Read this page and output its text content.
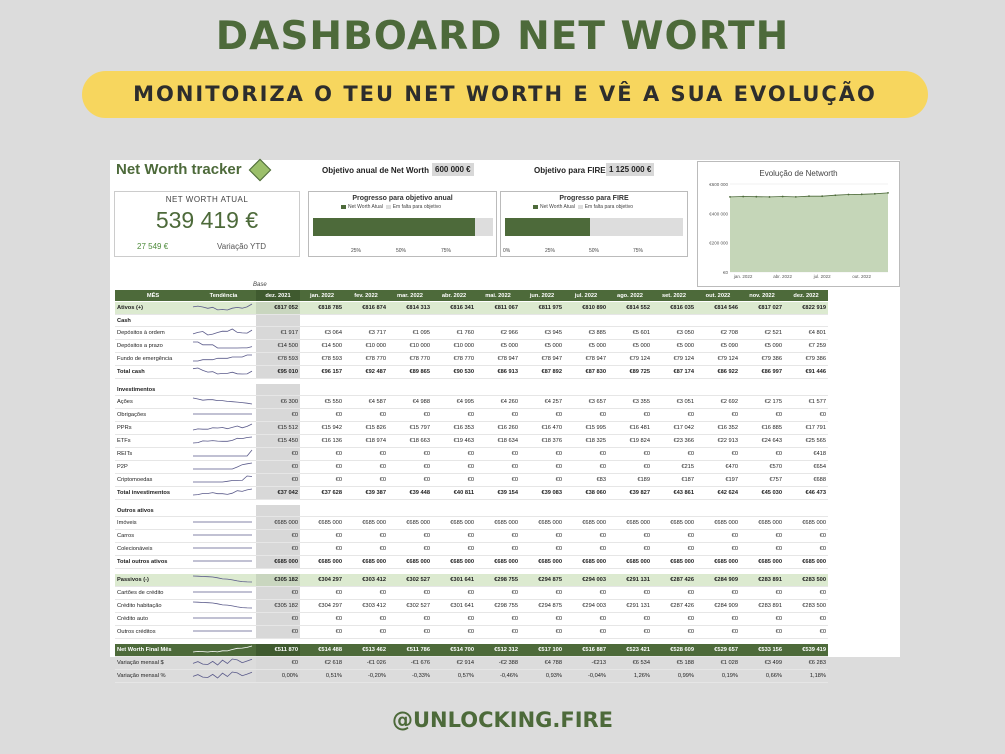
DASHBOARD NET WORTH
MONITORIZA O TEU NET WORTH E VÊ A SUA EVOLUÇÃO
Net Worth tracker	Objetivo anual de Net Worth 600 000 €	Objetivo para FIRE 1 125 000 €
NET WORTH ATUAL
539 419 €
27 549 €	Variação YTD
Progresso para objetivo anual
Net Worth Atual Em falta para objetivo
25%	50%	75%
Progresso para FIRE
Net Worth Atual Em falta para objetivo
0%	25%	50%	75%
Evolução de Networth
€0
€200 000
€400 000
€600 000
jan. 2022	abr. 2022	jul. 2022	out. 2022
Base
MÊS	Tendência	dez. 2021	jan. 2022	fev. 2022	mar. 2022	abr. 2022	mai. 2022	jun. 2022	jul. 2022	ago. 2022	set. 2022	out. 2022	nov. 2022	dez. 2022
Ativos (+)		€817 052	€818 785	€816 874	€814 313	€816 341	€811 067	€811 975	€810 890	€814 552	€816 035	€814 546	€817 027	€822 919
Cash														
Depósitos à ordem		€1 917	€3 064	€3 717	€1 095	€1 760	€2 966	€3 945	€3 885	€5 601	€3 050	€2 708	€2 521	€4 801
Depósitos a prazo		€14 500	€14 500	€10 000	€10 000	€10 000	€5 000	€5 000	€5 000	€5 000	€5 000	€5 090	€5 090	€7 259
Fundo de emergência		€78 593	€78 593	€78 770	€78 770	€78 770	€78 947	€78 947	€78 947	€79 124	€79 124	€79 124	€79 386	€79 386
Total cash		€95 010	€96 157	€92 487	€89 865	€90 530	€86 913	€87 892	€87 830	€89 725	€87 174	€86 922	€86 997	€91 446

Investimentos														
Ações		€6 300	€5 550	€4 587	€4 988	€4 995	€4 260	€4 257	€3 657	€3 355	€3 051	€2 692	€2 175	€1 577
Obrigações		€0	€0	€0	€0	€0	€0	€0	€0	€0	€0	€0	€0	€0
PPRs		€15 512	€15 942	€15 826	€15 797	€16 353	€16 260	€16 470	€15 995	€16 481	€17 042	€16 352	€16 885	€17 791
ETFs		€15 450	€16 136	€18 974	€18 663	€19 463	€18 634	€18 376	€18 325	€19 824	€23 366	€22 913	€24 643	€25 565
REITs		€0	€0	€0	€0	€0	€0	€0	€0	€0	€0	€0	€0	€418
P2P		€0	€0	€0	€0	€0	€0	€0	€0	€0	€215	€470	€570	€654
Criptomoedas		€0	€0	€0	€0	€0	€0	€0	€83	€189	€187	€197	€757	€688
Total investimentos		€37 042	€37 628	€39 387	€39 448	€40 811	€39 154	€39 083	€38 060	€39 827	€43 861	€42 624	€45 030	€46 473

Outros ativos														
Imóveis		€685 000	€685 000	€685 000	€685 000	€685 000	€685 000	€685 000	€685 000	€685 000	€685 000	€685 000	€685 000	€685 000
Carros		€0	€0	€0	€0	€0	€0	€0	€0	€0	€0	€0	€0	€0
Colecionáveis		€0	€0	€0	€0	€0	€0	€0	€0	€0	€0	€0	€0	€0
Total outros ativos		€685 000	€685 000	€685 000	€685 000	€685 000	€685 000	€685 000	€685 000	€685 000	€685 000	€685 000	€685 000	€685 000

Passivos (-)		€305 182	€304 297	€303 412	€302 527	€301 641	€298 755	€294 875	€294 003	€291 131	€287 426	€284 909	€283 891	€283 500
Cartões de crédito		€0	€0	€0	€0	€0	€0	€0	€0	€0	€0	€0	€0	€0
Crédito habitação		€305 182	€304 297	€303 412	€302 527	€301 641	€298 755	€294 875	€294 003	€291 131	€287 426	€284 909	€283 891	€283 500
Crédito auto		€0	€0	€0	€0	€0	€0	€0	€0	€0	€0	€0	€0	€0
Outros créditos		€0	€0	€0	€0	€0	€0	€0	€0	€0	€0	€0	€0	€0

Net Worth Final Mês		€511 870	€514 488	€513 462	€511 786	€514 700	€512 312	€517 100	€516 887	€523 421	€528 609	€529 657	€533 156	€539 419
Variação mensal $		€0	€2 618	-€1 026	-€1 676	€2 914	-€2 388	€4 788	-€213	€6 534	€5 188	€1 028	€3 499	€6 283
Variação mensal %		0,00%	0,51%	-0,20%	-0,33%	0,57%	-0,46%	0,93%	-0,04%	1,26%	0,99%	0,19%	0,66%	1,18%
@UNLOCKING.FIRE
